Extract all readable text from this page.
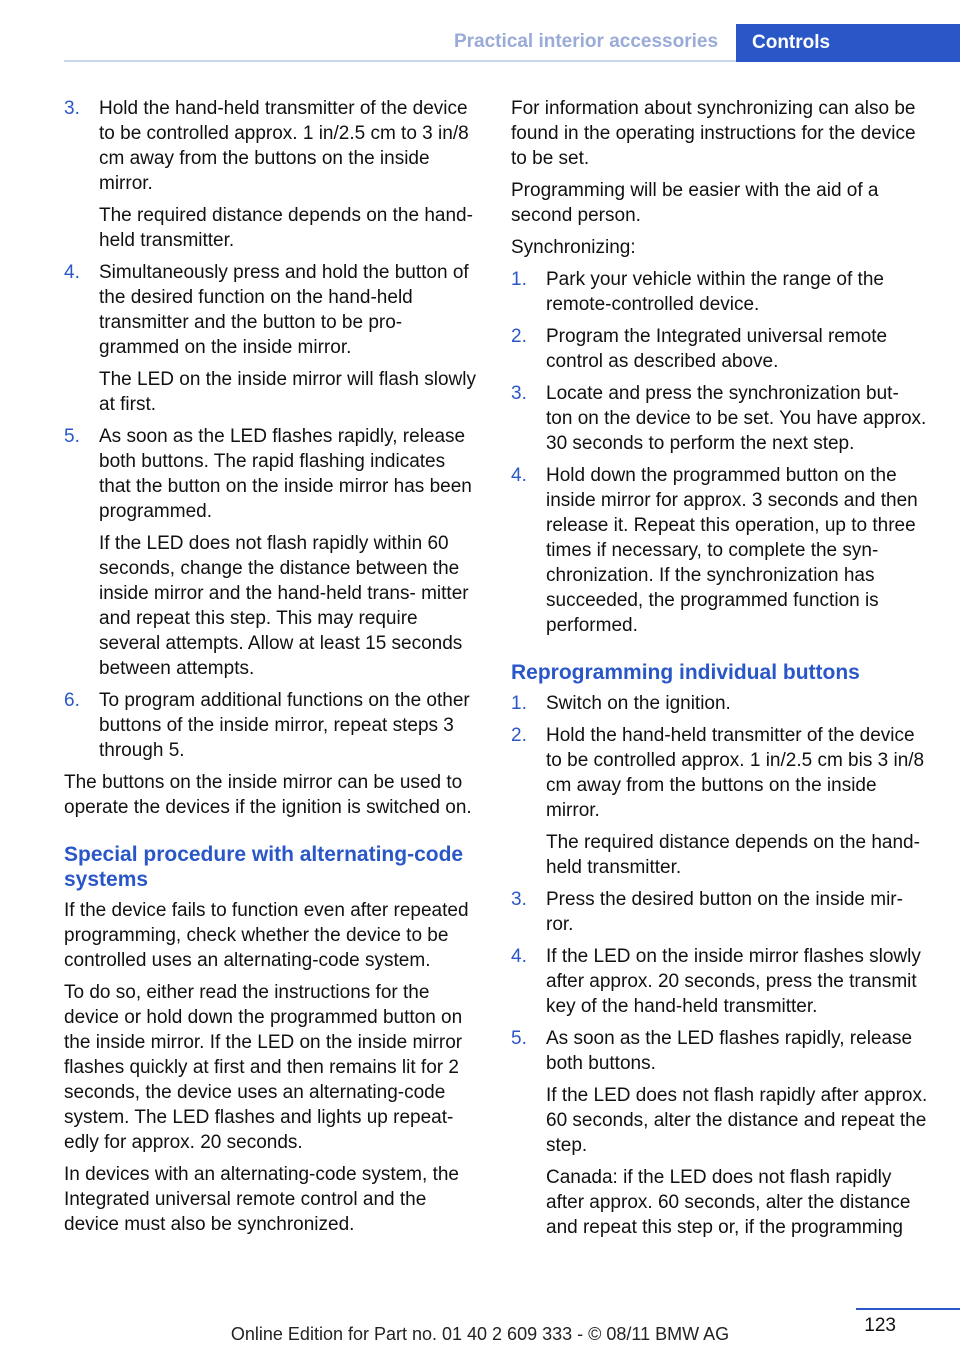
Practical interior accessories	Controls
3. Hold the hand-held transmitter of the device to be controlled approx. 1 in/2.5 cm to 3 in/8 cm away from the buttons on the inside mirror.

The required distance depends on the hand-held transmitter.

4. Simultaneously press and hold the button of the desired function on the hand-held transmitter and the button to be pro- grammed on the inside mirror.

The LED on the inside mirror will flash slowly at first.

5. As soon as the LED flashes rapidly, release both buttons. The rapid flashing indicates that the button on the inside mirror has been programmed.

If the LED does not flash rapidly within 60 seconds, change the distance between the inside mirror and the hand-held trans- mitter and repeat this step. This may require several attempts. Allow at least 15 seconds between attempts.

6. To program additional functions on the other buttons of the inside mirror, repeat steps 3 through 5.

The buttons on the inside mirror can be used to operate the devices if the ignition is switched on.

Special procedure with alternating-code systems

If the device fails to function even after repeated programming, check whether the device to be controlled uses an alternating-code system.

To do so, either read the instructions for the device or hold down the programmed button on the inside mirror. If the LED on the inside mirror flashes quickly at first and then remains lit for 2 seconds, the device uses an alternating-code system. The LED flashes and lights up repeat- edly for approx. 20 seconds.

In devices with an alternating-code system, the Integrated universal remote control and the device must also be synchronized.

For information about synchronizing can also be found in the operating instructions for the device to be set.

Programming will be easier with the aid of a second person.

Synchronizing:

1. Park your vehicle within the range of the remote-controlled device.

2. Program the Integrated universal remote control as described above.

3. Locate and press the synchronization but- ton on the device to be set. You have approx. 30 seconds to perform the next step.

4. Hold down the programmed button on the inside mirror for approx. 3 seconds and then release it. Repeat this operation, up to three times if necessary, to complete the syn- chronization. If the synchronization has succeeded, the programmed function is performed.

Reprogramming individual buttons
1. Switch on the ignition.

2. Hold the hand-held transmitter of the device to be controlled approx. 1 in/2.5 cm bis 3 in/8 cm away from the buttons on the inside mirror.

The required distance depends on the hand-held transmitter.

3. Press the desired button on the inside mir- ror.

4. If the LED on the inside mirror flashes slowly after approx. 20 seconds, press the transmit key of the hand-held transmitter.

5. As soon as the LED flashes rapidly, release both buttons.

If the LED does not flash rapidly after approx. 60 seconds, alter the distance and repeat the step.

Canada: if the LED does not flash rapidly after approx. 60 seconds, alter the distance and repeat this step or, if the programming

123
Online Edition for Part no. 01 40 2 609 333 - © 08/11 BMW AG
